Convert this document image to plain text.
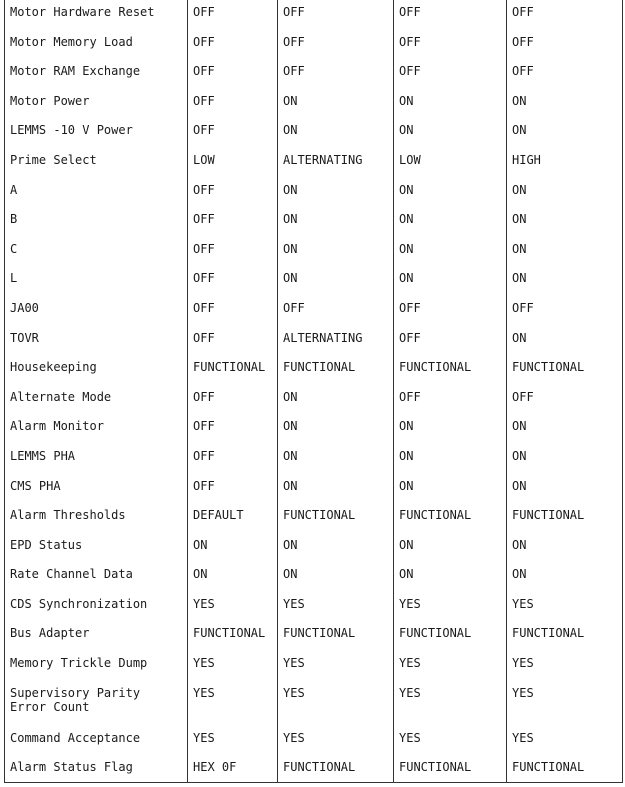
Motor Hardware Reset	OFF	OFF	OFF	OFF
Motor Memory Load	OFF	OFF	OFF	OFF
Motor RAM Exchange	OFF	OFF	OFF	OFF
Motor Power	OFF	ON	ON	ON
LEMMS -10 V Power	OFF	ON	ON	ON
Prime Select	LOW	ALTERNATING	LOW	HIGH
A	OFF	ON	ON	ON
B	OFF	ON	ON	ON
C	OFF	ON	ON	ON
L	OFF	ON	ON	ON
JA00	OFF	OFF	OFF	OFF
TOVR	OFF	ALTERNATING	OFF	ON
Housekeeping	FUNCTIONAL	FUNCTIONAL	FUNCTIONAL	FUNCTIONAL
Alternate Mode	OFF	ON	OFF	OFF
Alarm Monitor	OFF	ON	ON	ON
LEMMS PHA	OFF	ON	ON	ON
CMS PHA	OFF	ON	ON	ON
Alarm Thresholds	DEFAULT	FUNCTIONAL	FUNCTIONAL	FUNCTIONAL
EPD Status	ON	ON	ON	ON
Rate Channel Data	ON	ON	ON	ON
CDS Synchronization	YES	YES	YES	YES
Bus Adapter	FUNCTIONAL	FUNCTIONAL	FUNCTIONAL	FUNCTIONAL
Memory Trickle Dump	YES	YES	YES	YES
Supervisory Parity
Error Count	YES	YES	YES	YES
Command Acceptance	YES	YES	YES	YES
Alarm Status Flag	HEX 0F	FUNCTIONAL	FUNCTIONAL	FUNCTIONAL
